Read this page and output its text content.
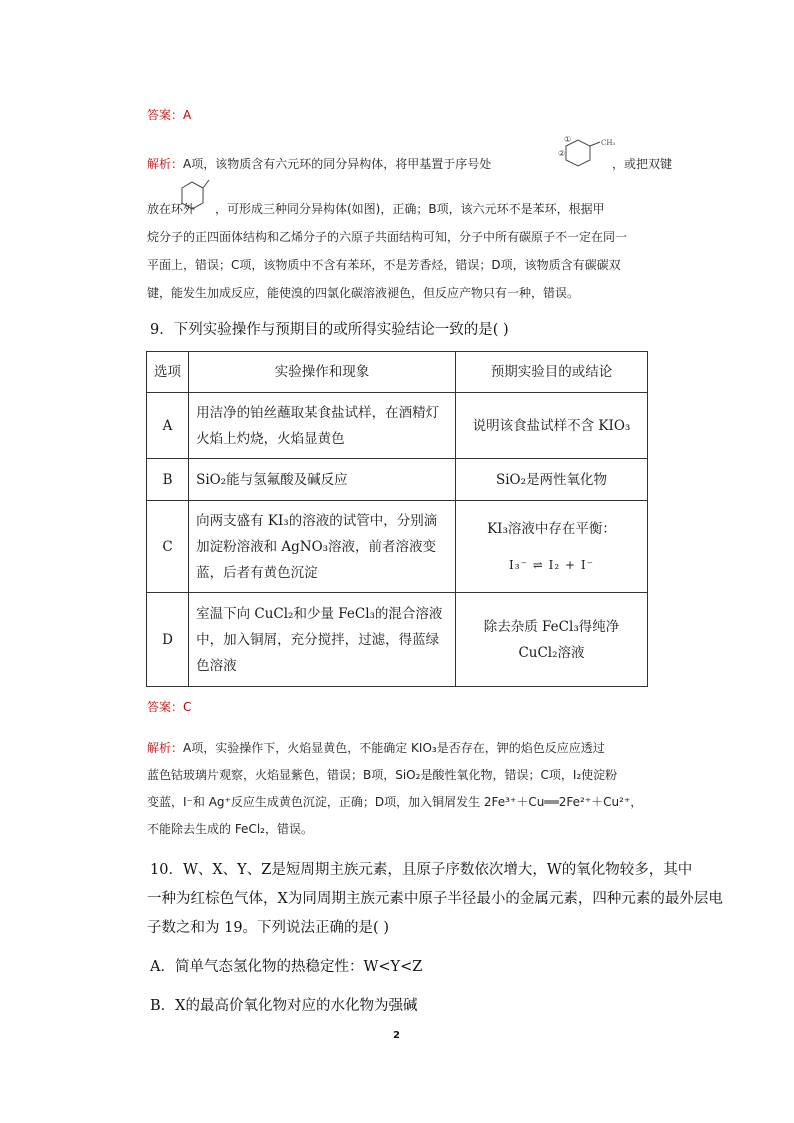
答案：A
解析：A项，该物质含有六元环的同分异构体，将甲基置于序号处
①
②
CH₃
，或把双键
放在环外 ，可形成三种同分异构体(如图)，正确；B项，该六元环不是苯环，根据甲
烷分子的正四面体结构和乙烯分子的六原子共面结构可知，分子中所有碳原子不一定在同一
平面上，错误；C项，该物质中不含有苯环，不是芳香烃，错误；D项，该物质含有碳碳双
键，能发生加成反应，能使溴的四氯化碳溶液褪色，但反应产物只有一种，错误。
9．下列实验操作与预期目的或所得实验结论一致的是( )
选项	实验操作和现象	预期实验目的或结论
A	用洁净的铂丝蘸取某食盐试样，在酒精灯火焰上灼烧，火焰显黄色	说明该食盐试样不含 KIO₃
B	SiO₂能与氢氟酸及碱反应	SiO₂是两性氧化物
C	向两支盛有 KI₃的溶液的试管中，分别滴加淀粉溶液和 AgNO₃溶液，前者溶液变蓝，后者有黄色沉淀	KI₃溶液中存在平衡：
I₃⁻ ⇌ I₂ + I⁻

D	室温下向 CuCl₂和少量 FeCl₃的混合溶液中，加入铜屑，充分搅拌，过滤，得蓝绿色溶液	除去杂质 FeCl₃得纯净 CuCl₂溶液
答案：C
解析：A项，实验操作下，火焰显黄色，不能确定 KIO₃是否存在，钾的焰色反应应透过
蓝色钴玻璃片观察，火焰显紫色，错误；B项，SiO₂是酸性氧化物，错误；C项，I₂使淀粉
变蓝，I⁻和 Ag⁺反应生成黄色沉淀，正确；D项，加入铜屑发生 2Fe³⁺＋Cu══2Fe²⁺＋Cu²⁺，
不能除去生成的 FeCl₂，错误。
10．W、X、Y、Z是短周期主族元素，且原子序数依次增大，W的氧化物较多，其中
一种为红棕色气体，X为同周期主族元素中原子半径最小的金属元素，四种元素的最外层电
子数之和为 19。下列说法正确的是( )
A．简单气态氢化物的热稳定性：W<Y<Z
B．X的最高价氧化物对应的水化物为强碱
2
